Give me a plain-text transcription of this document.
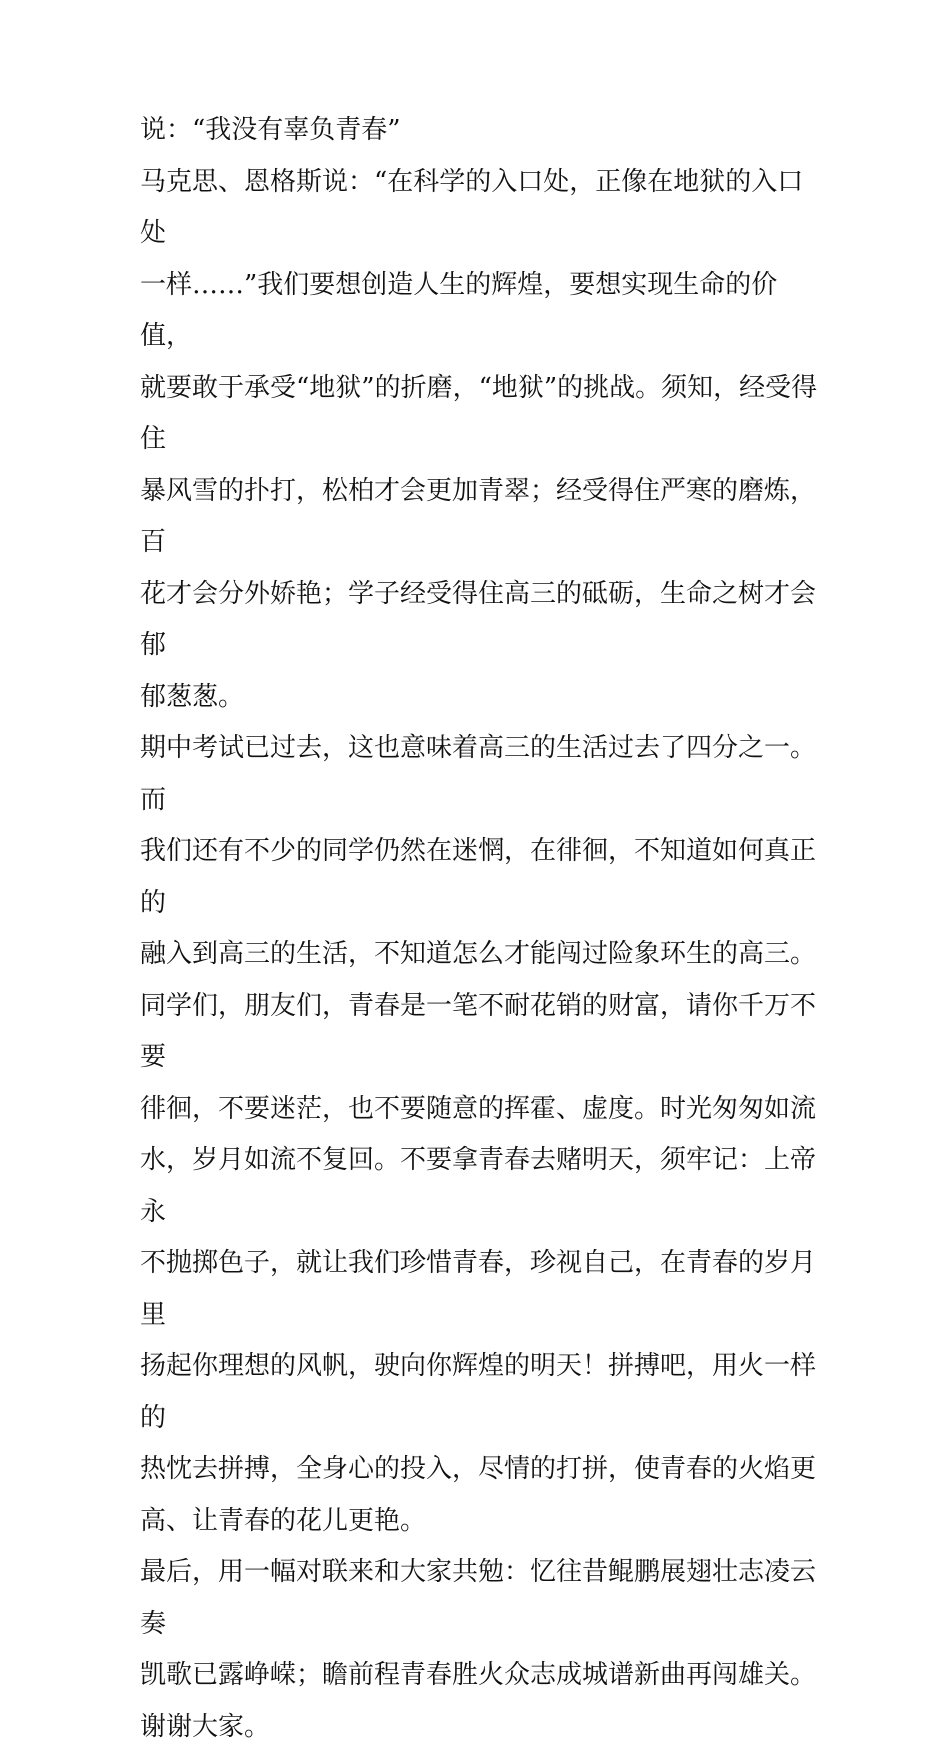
说：“我没有辜负青春”

马克思、恩格斯说：“在科学的入口处，正像在地狱的入口处
一样……”我们要想创造人生的辉煌，要想实现生命的价值，
就要敢于承受“地狱”的折磨，“地狱”的挑战。须知，经受得住
暴风雪的扑打，松柏才会更加青翠；经受得住严寒的磨炼，百
花才会分外娇艳；学子经受得住高三的砥砺，生命之树才会郁
郁葱葱。

期中考试已过去，这也意味着高三的生活过去了四分之一。而
我们还有不少的同学仍然在迷惘，在徘徊，不知道如何真正的
融入到高三的生活，不知道怎么才能闯过险象环生的高三。

同学们，朋友们，青春是一笔不耐花销的财富，请你千万不要
徘徊，不要迷茫，也不要随意的挥霍、虚度。时光匆匆如流
水，岁月如流不复回。不要拿青春去赌明天，须牢记：上帝永
不抛掷色子，就让我们珍惜青春，珍视自己，在青春的岁月里
扬起你理想的风帆，驶向你辉煌的明天！拼搏吧，用火一样的
热忱去拼搏，全身心的投入，尽情的打拼，使青春的火焰更
高、让青春的花儿更艳。

最后，用一幅对联来和大家共勉：忆往昔鲲鹏展翅壮志凌云奏
凯歌已露峥嵘；瞻前程青春胜火众志成城谱新曲再闯雄关。

谢谢大家。
